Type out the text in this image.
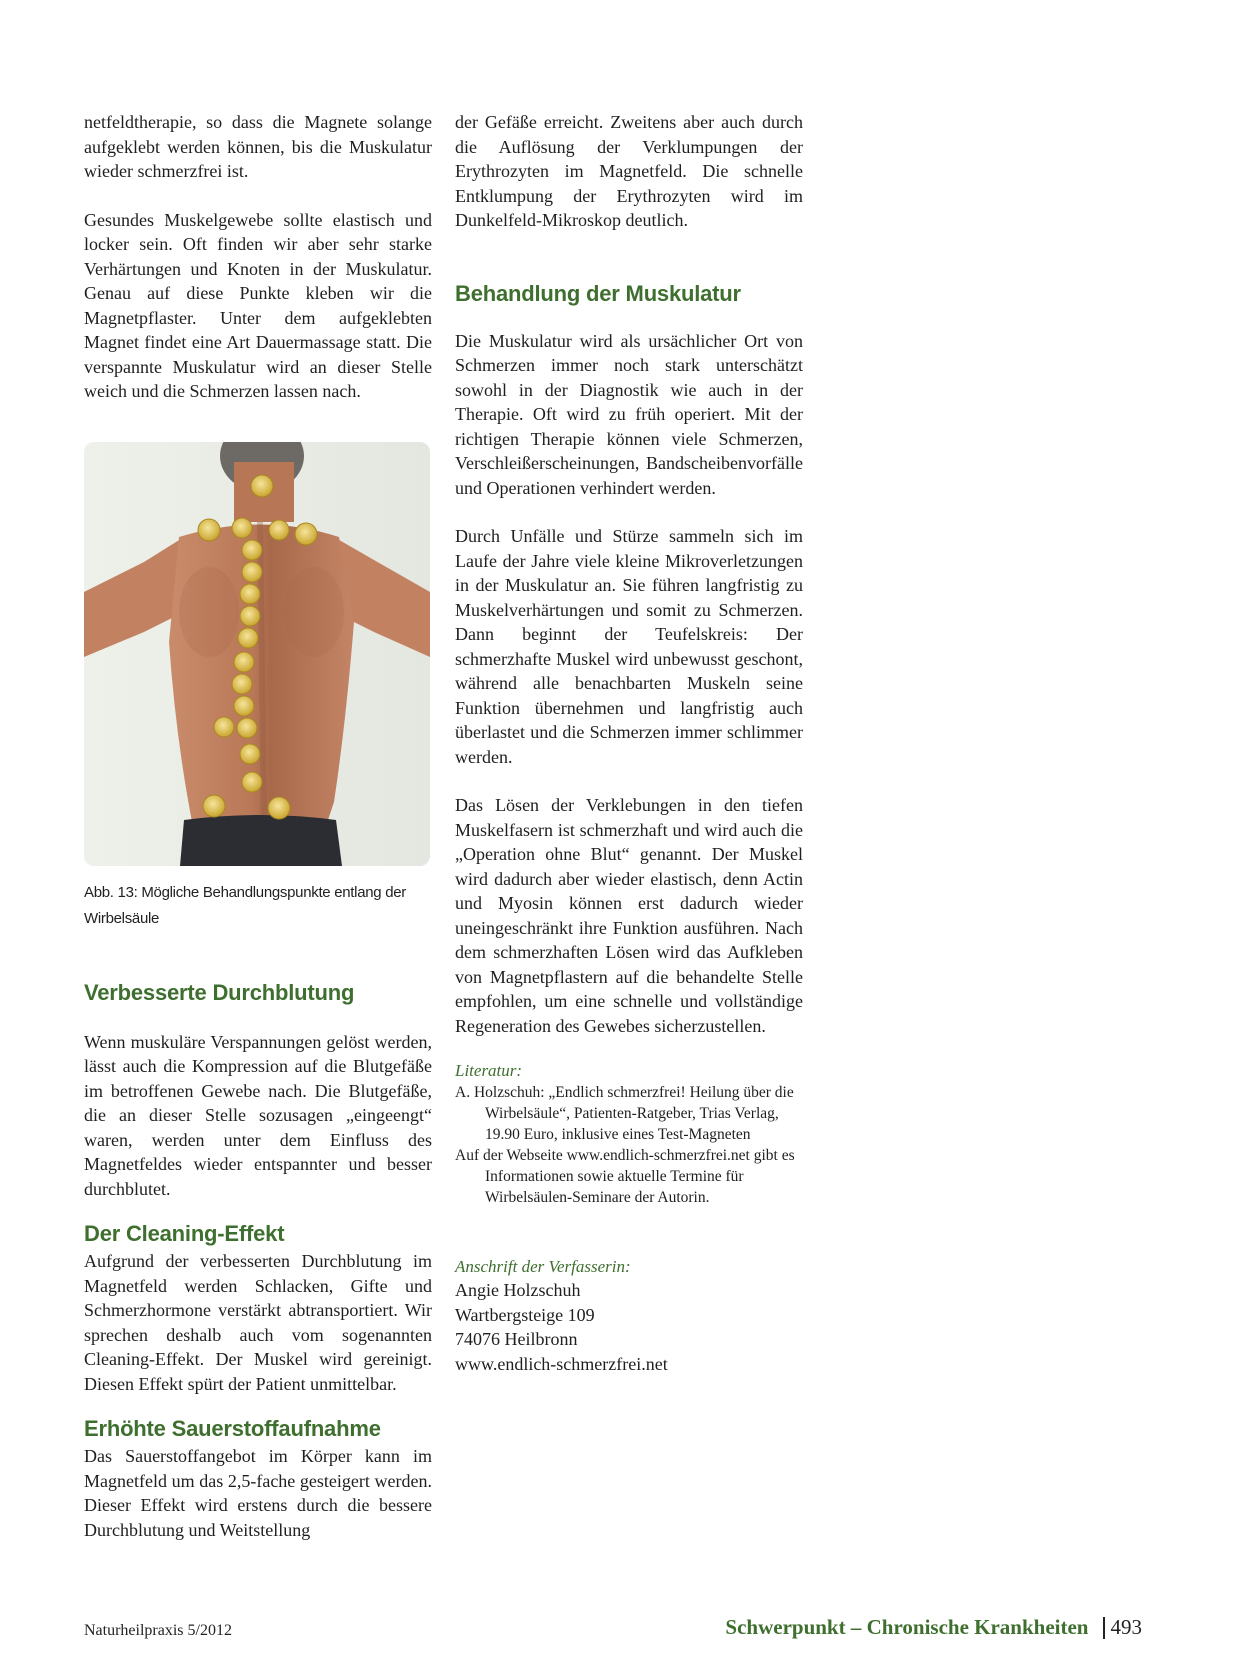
netfeldtherapie, so dass die Magnete solange aufgeklebt werden können, bis die Muskulatur wieder schmerzfrei ist.

Gesundes Muskelgewebe sollte elastisch und locker sein. Oft finden wir aber sehr starke Verhärtungen und Knoten in der Muskulatur. Genau auf diese Punkte kleben wir die Magnetpflaster. Unter dem aufgeklebten Magnet findet eine Art Dauermassage statt. Die verspannte Muskulatur wird an dieser Stelle weich und die Schmerzen lassen nach.

Abb. 13: Mögliche Behandlungspunkte entlang der Wirbelsäule

Verbesserte Durchblutung

Wenn muskuläre Verspannungen gelöst werden, lässt auch die Kompression auf die Blutgefäße im betroffenen Gewebe nach. Die Blutgefäße, die an dieser Stelle sozusagen „eingeengt“ waren, werden unter dem Einfluss des Magnetfeldes wieder entspannter und besser durchblutet.

Der Cleaning-Effekt

Aufgrund der verbesserten Durchblutung im Magnetfeld werden Schlacken, Gifte und Schmerzhormone verstärkt abtransportiert. Wir sprechen deshalb auch vom sogenannten Cleaning-Effekt. Der Muskel wird gereinigt. Diesen Effekt spürt der Patient unmittelbar.

Erhöhte Sauerstoffaufnahme

Das Sauerstoffangebot im Körper kann im Magnetfeld um das 2,5-fache gesteigert werden. Dieser Effekt wird erstens durch die bessere Durchblutung und Weitstellung

der Gefäße erreicht. Zweitens aber auch durch die Auflösung der Verklumpungen der Erythrozyten im Magnetfeld. Die schnelle Entklumpung der Erythrozyten wird im Dunkelfeld-Mikroskop deutlich.

Behandlung der Muskulatur

Die Muskulatur wird als ursächlicher Ort von Schmerzen immer noch stark unterschätzt sowohl in der Diagnostik wie auch in der Therapie. Oft wird zu früh operiert. Mit der richtigen Therapie können viele Schmerzen, Verschleißerscheinungen, Bandscheibenvorfälle und Operationen verhindert werden.

Durch Unfälle und Stürze sammeln sich im Laufe der Jahre viele kleine Mikroverletzungen in der Muskulatur an. Sie führen langfristig zu Muskelverhärtungen und somit zu Schmerzen. Dann beginnt der Teufelskreis: Der schmerzhafte Muskel wird unbewusst geschont, während alle benachbarten Muskeln seine Funktion übernehmen und langfristig auch überlastet und die Schmerzen immer schlimmer werden.

Das Lösen der Verklebungen in den tiefen Muskelfasern ist schmerzhaft und wird auch die „Operation ohne Blut“ genannt. Der Muskel wird dadurch aber wieder elastisch, denn Actin und Myosin können erst dadurch wieder uneingeschränkt ihre Funktion ausführen. Nach dem schmerzhaften Lösen wird das Aufkleben von Magnetpflastern auf die behandelte Stelle empfohlen, um eine schnelle und vollständige Regeneration des Gewebes sicherzustellen.

Literatur:

A. Holzschuh: „Endlich schmerzfrei! Heilung über die Wirbelsäule“, Patienten-Ratgeber, Trias Verlag, 19.90 Euro, inklusive eines Test-Magneten

Auf der Webseite www.endlich-schmerzfrei.net gibt es Informationen sowie aktuelle Termine für Wirbelsäulen-Seminare der Autorin.

Anschrift der Verfasserin:

Angie Holzschuh

Wartbergsteige 109

74076 Heilbronn

www.endlich-schmerzfrei.net

Naturheilpraxis 5/2012	Schwerpunkt – Chronische Krankheiten 493
